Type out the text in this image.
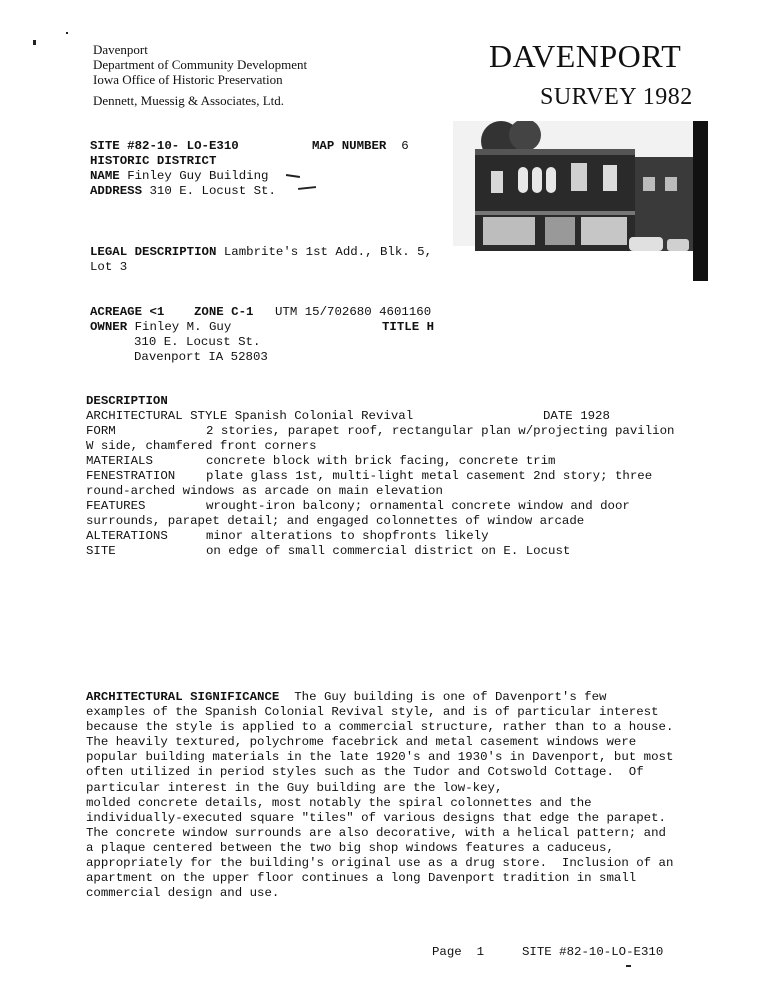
Davenport
Department of Community Development
Iowa Office of Historic Preservation
Dennett, Muessig & Associates, Ltd.
DAVENPORT
SURVEY 1982
SITE #82-10- LO-E310	MAP NUMBER 6
HISTORIC DISTRICT
NAME Finley Guy Building
ADDRESS 310 E. Locust St.
LEGAL DESCRIPTION Lambrite's 1st Add., Blk. 5,
Lot 3
ACREAGE <1 ZONE C-1 UTM 15/702680 4601160
OWNER Finley M. Guy	TITLE H
310 E. Locust St.
Davenport IA 52803
DESCRIPTION
ARCHITECTURAL STYLE Spanish Colonial Revival	DATE 1928
FORM	2 stories, parapet roof, rectangular plan w/projecting pavilion
W side, chamfered front corners
MATERIALS	concrete block with brick facing, concrete trim
FENESTRATION plate glass 1st, multi-light metal casement 2nd story; three
round-arched windows as arcade on main elevation
FEATURES	wrought-iron balcony; ornamental concrete window and door
surrounds, parapet detail; and engaged colonnettes of window arcade
ALTERATIONS	minor alterations to shopfronts likely
SITE	on edge of small commercial district on E. Locust
ARCHITECTURAL SIGNIFICANCE  The Guy building is one of Davenport's few
examples of the Spanish Colonial Revival style, and is of particular interest
because the style is applied to a commercial structure, rather than to a house.
The heavily textured, polychrome facebrick and metal casement windows were
popular building materials in the late 1920's and 1930's in Davenport, but most
often utilized in period styles such as the Tudor and Cotswold Cottage.  Of
particular interest in the Guy building are the low-key,
molded concrete details, most notably the spiral colonnettes and the
individually-executed square "tiles" of various designs that edge the parapet.
The concrete window surrounds are also decorative, with a helical pattern; and
a plaque centered between the two big shop windows features a caduceus,
appropriately for the building's original use as a drug store.  Inclusion of an
apartment on the upper floor continues a long Davenport tradition in small
commercial design and use.
Page 1	SITE #82-10-LO-E310
